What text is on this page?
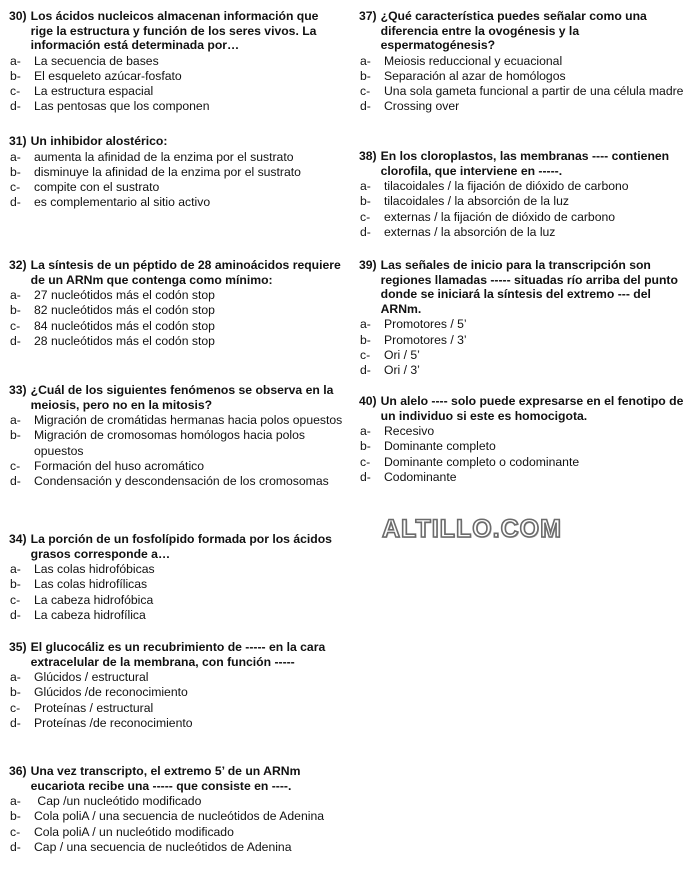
30) Los ácidos nucleicos almacenan información que rige la estructura y función de los seres vivos. La información está determinada por…
a-	La secuencia de bases
b-	El esqueleto azúcar-fosfato
c-	La estructura espacial
d-	Las pentosas que los componen
31) Un inhibidor alostérico:
a-	aumenta la afinidad de la enzima por el sustrato
b-	disminuye la afinidad de la enzima por el sustrato
c-	compite con el sustrato
d-	es complementario al sitio activo
32) La síntesis de un péptido de 28 aminoácidos requiere de un ARNm que contenga como mínimo:
a-	27 nucleótidos más el codón stop
b-	82 nucleótidos más el codón stop
c-	84 nucleótidos más el codón stop
d-	28 nucleótidos más el codón stop
33) ¿Cuál de los siguientes fenómenos se observa en la meiosis, pero no en la mitosis?
a-	Migración de cromátidas hermanas hacia polos opuestos
b-	Migración de cromosomas homólogos hacia polos opuestos
c-	Formación del huso acromático
d-	Condensación y descondensación de los cromosomas
34) La porción de un fosfolípido formada por los ácidos grasos corresponde a…
a-	Las colas hidrofóbicas
b-	Las colas hidrofílicas
c-	La cabeza hidrofóbica
d-	La cabeza hidrofílica
35) El glucocáliz es un recubrimiento de ----- en la cara extracelular de la membrana, con función -----
a-	Glúcidos / estructural
b-	Glúcidos /de reconocimiento
c-	Proteínas / estructural
d-	Proteínas /de reconocimiento
36) Una vez transcripto, el extremo 5’ de un ARNm eucariota recibe una ----- que consiste en ----.
a-	Cap /un nucleótido modificado
b-	Cola poliA / una secuencia de nucleótidos de Adenina
c-	Cola poliA / un nucleótido modificado
d-	Cap / una secuencia de nucleótidos de Adenina
37) ¿Qué característica puedes señalar como una diferencia entre la ovogénesis y la espermatogénesis?
a-	Meiosis reduccional y ecuacional
b-	Separación al azar de homólogos
c-	Una sola gameta funcional a partir de una célula madre
d-	Crossing over
38) En los cloroplastos, las membranas ---- contienen clorofila, que interviene en -----.
a-	tilacoidales / la fijación de dióxido de carbono
b-	tilacoidales / la absorción de la luz
c-	externas / la fijación de dióxido de carbono
d-	externas / la absorción de la luz
39) Las señales de inicio para la transcripción son regiones llamadas ----- situadas río arriba del punto donde se iniciará la síntesis del extremo --- del ARNm.
a-	Promotores / 5’
b-	Promotores / 3’
c-	Ori / 5’
d-	Ori / 3’
40) Un alelo ---- solo puede expresarse en el fenotipo de un individuo si este es homocigota.
a-	Recesivo
b-	Dominante completo
c-	Dominante completo o codominante
d-	Codominante
ALTILLO.COM
